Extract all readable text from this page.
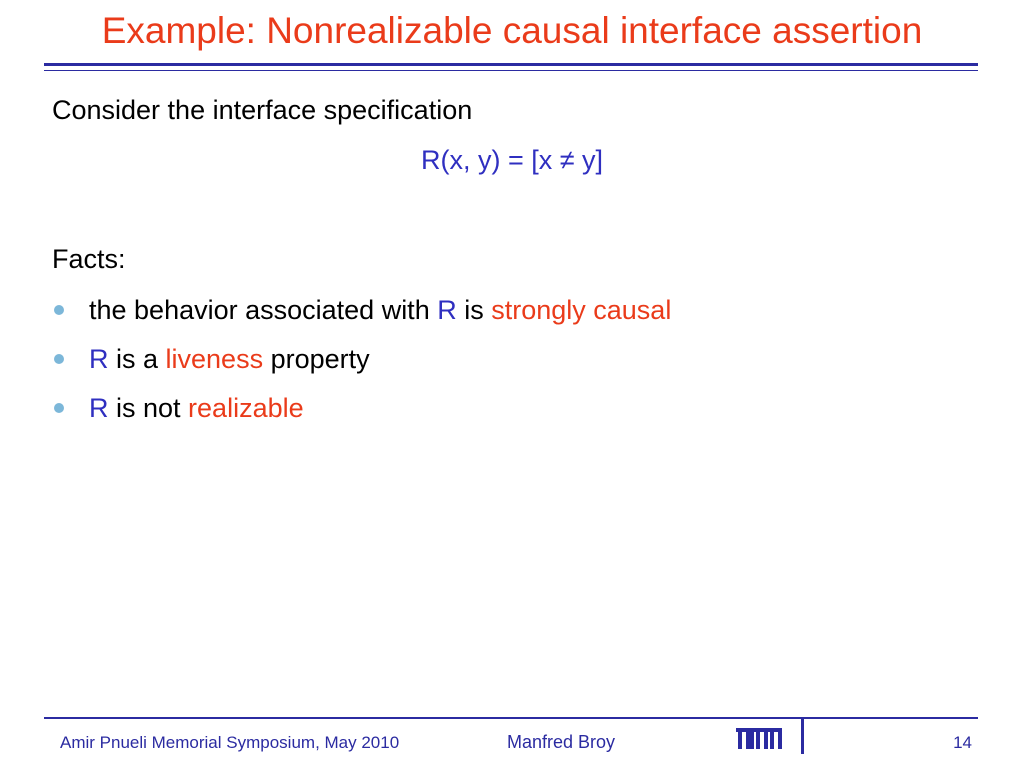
Example: Nonrealizable causal interface assertion
Consider the interface specification
R(x, y) = [x ≠ y]
Facts:
the behavior associated with R is strongly causal
R is a liveness property
R is not realizable
Amir Pnueli Memorial Symposium, May 2010	Manfred Broy	14
